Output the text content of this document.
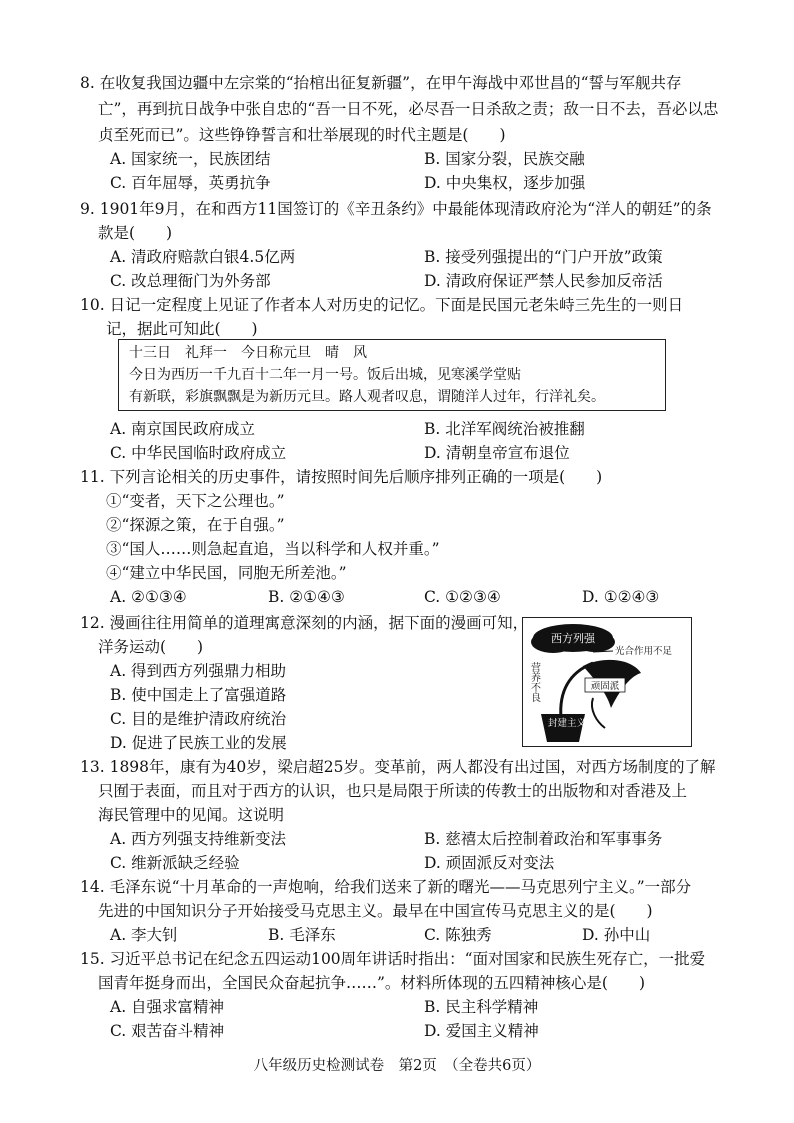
8. 在收复我国边疆中左宗棠的“抬棺出征复新疆”，在甲午海战中邓世昌的“誓与军舰共存
亡”，再到抗日战争中张自忠的“吾一日不死，必尽吾一日杀敌之责；敌一日不去，吾必以忠
贞至死而已”。这些铮铮誓言和壮举展现的时代主题是(　　)
A. 国家统一，民族团结	B. 国家分裂，民族交融
C. 百年屈辱，英勇抗争	D. 中央集权，逐步加强
9. 1901年9月，在和西方11国签订的《辛丑条约》中最能体现清政府沦为“洋人的朝廷”的条
款是(　　)
A. 清政府赔款白银4.5亿两	B. 接受列强提出的“门户开放”政策
C. 改总理衙门为外务部	D. 清政府保证严禁人民参加反帝活
10. 日记一定程度上见证了作者本人对历史的记忆。下面是民国元老朱峙三先生的一则日
记，据此可知此(　　)
十三日　礼拜一　今日称元旦　晴　风
今日为西历一千九百十二年一月一号。饭后出城，见寒溪学堂贴
有新联，彩旗飘飘是为新历元旦。路人观者叹息，谓随洋人过年，行洋礼矣。
A. 南京国民政府成立	B. 北洋军阀统治被推翻
C. 中华民国临时政府成立	D. 清朝皇帝宣布退位
11. 下列言论相关的历史事件，请按照时间先后顺序排列正确的一项是(　　)
①“变者，天下之公理也。”
②“探源之策，在于自强。”
③“国人……则急起直追，当以科学和人权并重。”
④“建立中华民国，同胞无所差池。”
A. ②①③④	B. ②①④③	C. ①②③④	D. ①②④③
12. 漫画往往用简单的道理寓意深刻的内涵，据下面的漫画可知，
洋务运动(　　)
A. 得到西方列强鼎力相助
B. 使中国走上了富强道路
C. 目的是维护清政府统治
D. 促进了民族工业的发展
西方列强
光合作用不足
营养不良	顽固派
封建主义
13. 1898年，康有为40岁，梁启超25岁。变革前，两人都没有出过国，对西方场制度的了解
只囿于表面，而且对于西方的认识，也只是局限于所读的传教士的出版物和对香港及上
海民管理中的见闻。这说明
A. 西方列强支持维新变法	B. 慈禧太后控制着政治和军事事务
C. 维新派缺乏经验	D. 顽固派反对变法
14. 毛泽东说“十月革命的一声炮响，给我们送来了新的曙光——马克思列宁主义。”一部分
先进的中国知识分子开始接受马克思主义。最早在中国宣传马克思主义的是(　　)
A. 李大钊	B. 毛泽东	C. 陈独秀	D. 孙中山
15. 习近平总书记在纪念五四运动100周年讲话时指出：“面对国家和民族生死存亡，一批爱
国青年挺身而出，全国民众奋起抗争……”。材料所体现的五四精神核心是(　　)
A. 自强求富精神	B. 民主科学精神
C. 艰苦奋斗精神	D. 爱国主义精神
八年级历史检测试卷　第2页　（全卷共6页）
